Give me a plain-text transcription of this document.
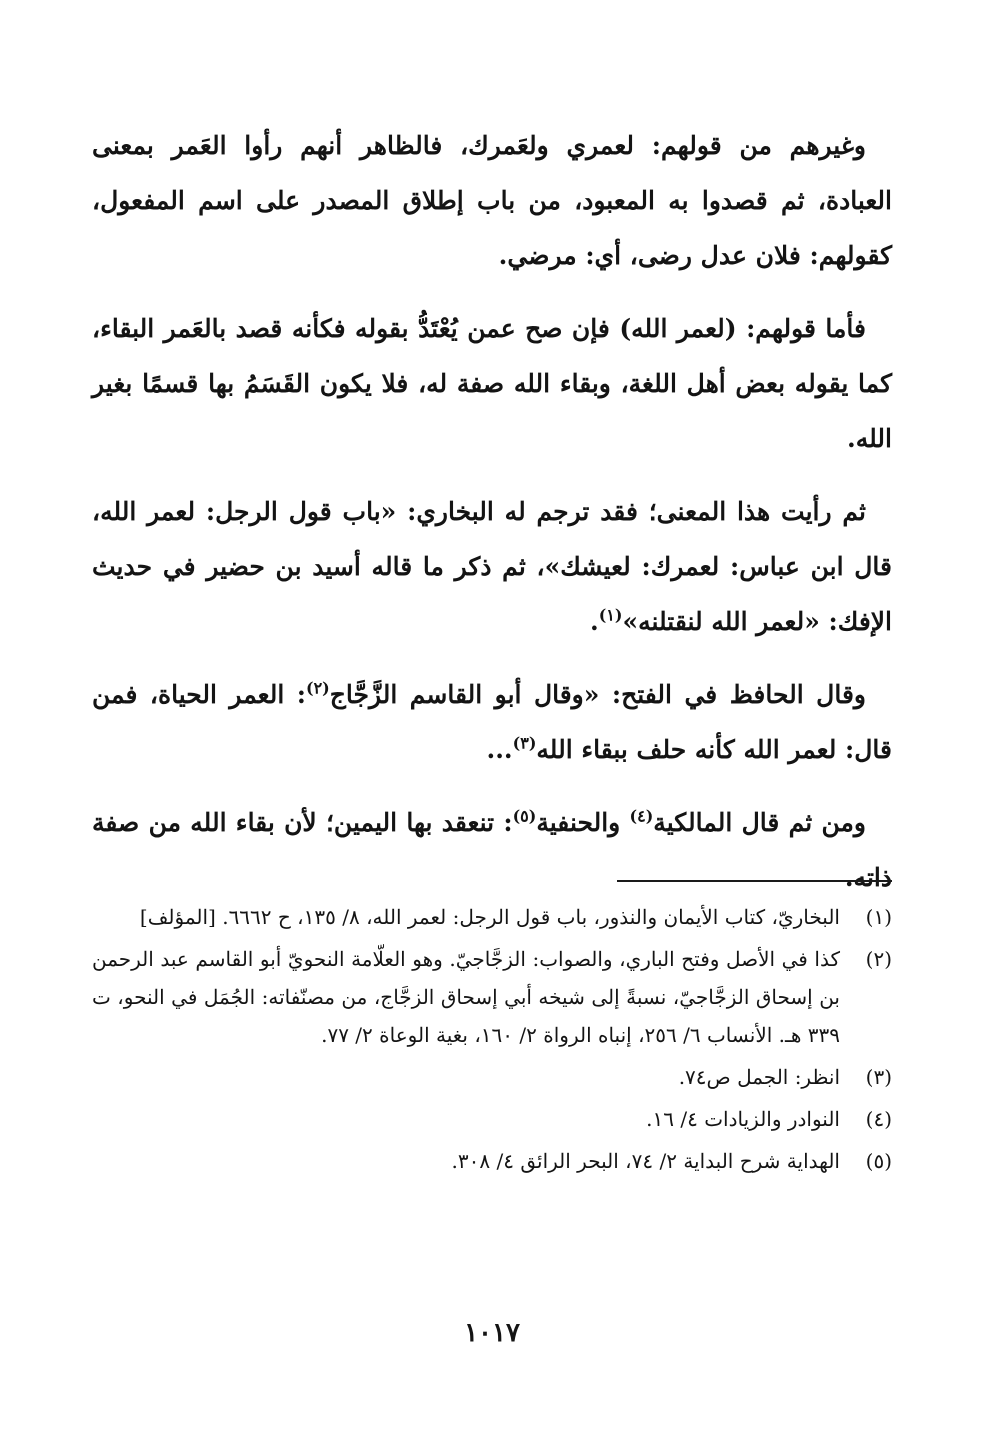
وغيرهم من قولهم: لعمري ولعَمرك، فالظاهر أنهم رأوا العَمر بمعنى العبادة، ثم قصدوا به المعبود، من باب إطلاق المصدر على اسم المفعول، كقولهم: فلان عدل رضى، أي: مرضي.

فأما قولهم: (لعمر الله) فإن صح عمن يُعْتَدُّ بقوله فكأنه قصد بالعَمر البقاء، كما يقوله بعض أهل اللغة، وبقاء الله صفة له، فلا يكون القَسَمُ بها قسمًا بغير الله.

ثم رأيت هذا المعنى؛ فقد ترجم له البخاري: «باب قول الرجل: لعمر الله، قال ابن عباس: لعمرك: لعيشك»، ثم ذكر ما قاله أسيد بن حضير في حديث الإفك: «لعمر الله لنقتلنه»$^{(١)}$.

وقال الحافظ في الفتح: «وقال أبو القاسم الزَّجَّاج$^{(٢)}$: العمر الحياة، فمن قال: لعمر الله كأنه حلف ببقاء الله$^{(٣)}$...

ومن ثم قال المالكية$^{(٤)}$ والحنفية$^{(٥)}$: تنعقد بها اليمين؛ لأن بقاء الله من صفة ذاته.

(١)
البخاريّ، كتاب الأيمان والنذور، باب قول الرجل: لعمر الله، ٨/ ١٣٥، ح ٦٦٦٢. [المؤلف]
(٢)
كذا في الأصل وفتح الباري، والصواب: الزجَّاجيّ. وهو العلّامة النحويّ أبو القاسم عبد الرحمن بن إسحاق الزجَّاجيّ، نسبةً إلى شيخه أبي إسحاق الزجَّاج، من مصنّفاته: الجُمَل في النحو، ت ٣٣٩ هـ. الأنساب ٦/ ٢٥٦، إنباه الرواة ٢/ ١٦٠، بغية الوعاة ٢/ ٧٧.
(٣)
انظر: الجمل ص٧٤.
(٤)
النوادر والزيادات ٤/ ١٦.
(٥)
الهداية شرح البداية ٢/ ٧٤، البحر الرائق ٤/ ٣٠٨.
١٠١٧
